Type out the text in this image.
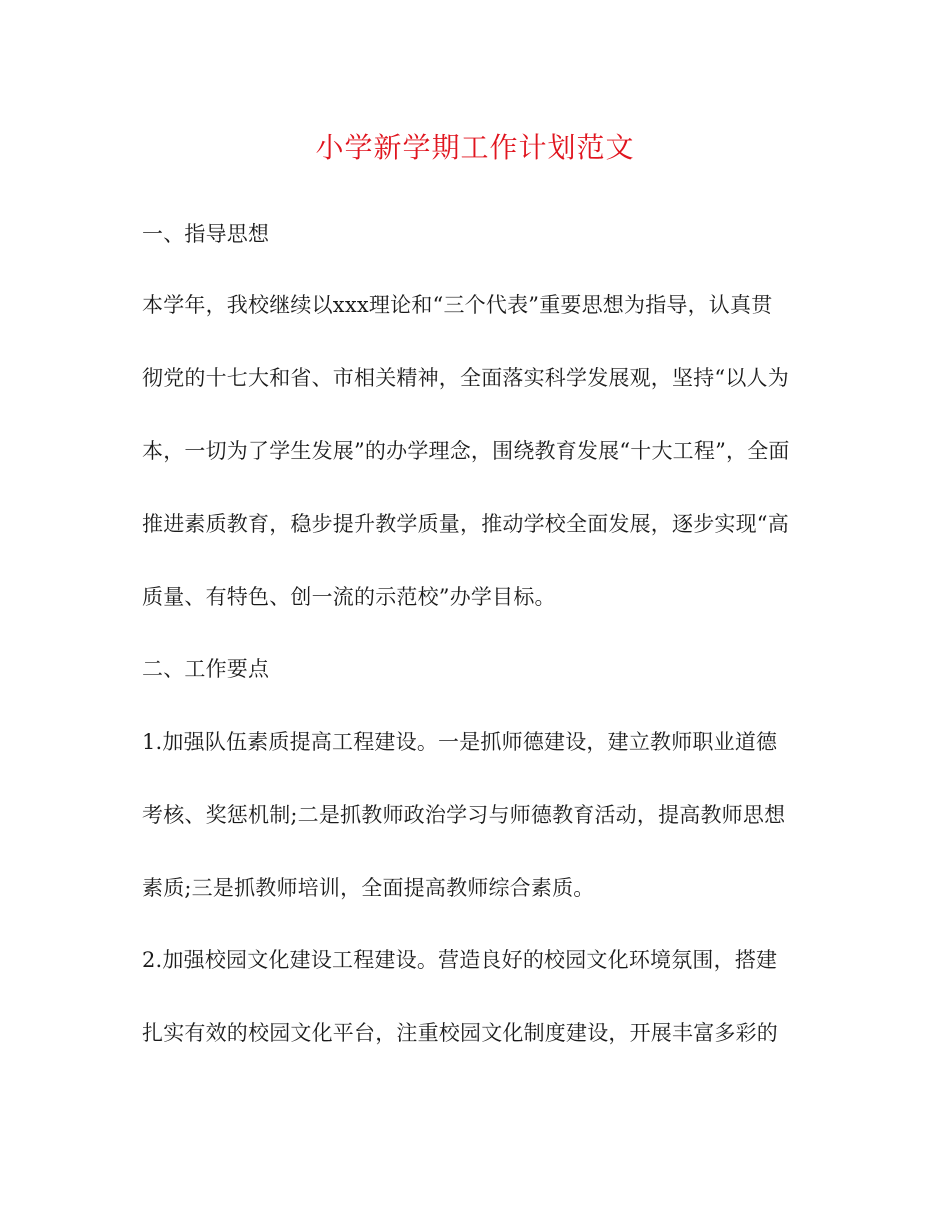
小学新学期工作计划范文
一、指导思想
本学年，我校继续以xxx理论和“三个代表”重要思想为指导，认真贯
彻党的十七大和省、市相关精神，全面落实科学发展观，坚持“以人为
本，一切为了学生发展”的办学理念，围绕教育发展“十大工程”，全面
推进素质教育，稳步提升教学质量，推动学校全面发展，逐步实现“高
质量、有特色、创一流的示范校”办学目标。
二、工作要点
1.加强队伍素质提高工程建设。一是抓师德建设，建立教师职业道德
考核、奖惩机制;二是抓教师政治学习与师德教育活动，提高教师思想
素质;三是抓教师培训，全面提高教师综合素质。
2.加强校园文化建设工程建设。营造良好的校园文化环境氛围，搭建
扎实有效的校园文化平台，注重校园文化制度建设，开展丰富多彩的
